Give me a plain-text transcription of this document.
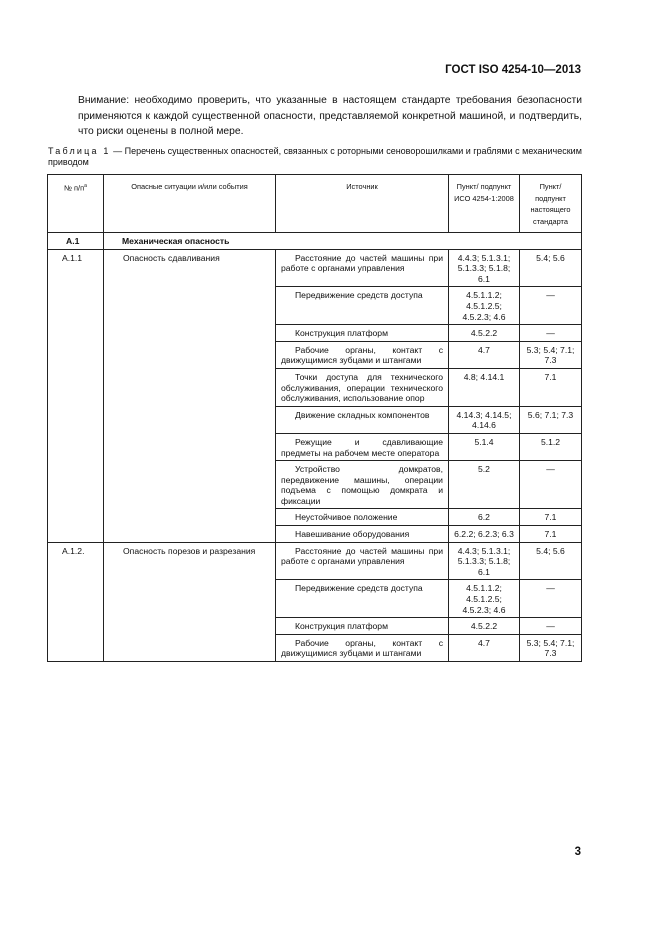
ГОСТ ISO 4254-10—2013
Внимание: необходимо проверить, что указанные в настоящем стандарте требования безопасности применяются к каждой существенной опасности, представляемой конкретной машиной, и подтвердить, что риски оценены в полной мере.
Таблица 1 — Перечень существенных опасностей, связанных с роторными сеноворошилками и граблями с механическим приводом
№ $п/п^а$	Опасные ситуации и/или события	Источник	Пункт/ подпункт ИСО 4254-1:2008	Пункт/ подпункт настоящего стандарта
А.1	Механическая опасность			
А.1.1	Опасность сдавливания	Расстояние до частей машины при работе с органами управления	4.4.3; 5.1.3.1; 5.1.3.3; 5.1.8; 6.1	5.4; 5.6
		Передвижение средств доступа	4.5.1.1.2; 4.5.1.2.5; 4.5.2.3; 4.6	—
		Конструкция платформ	4.5.2.2	—
		Рабочие органы, контакт с движущимися зубцами и штангами	4.7	5.3; 5.4; 7.1; 7.3
		Точки доступа для технического обслуживания, операции технического обслуживания, использование опор	4.8; 4.14.1	7.1
		Движение складных компонентов	4.14.3; 4.14.5; 4.14.6	5.6; 7.1; 7.3
		Режущие и сдавливающие предметы на рабочем месте оператора	5.1.4	5.1.2
		Устройство домкратов, передвижение машины, операции подъема с помощью домкрата и фиксации	5.2	—
		Неустойчивое положение	6.2	7.1
		Навешивание оборудования	6.2.2; 6.2.3; 6.3	7.1
А.1.2.	Опасность порезов и разрезания	Расстояние до частей машины при работе с органами управления	4.4.3; 5.1.3.1; 5.1.3.3; 5.1.8; 6.1	5.4; 5.6
		Передвижение средств доступа	4.5.1.1.2; 4.5.1.2.5; 4.5.2.3; 4.6	—
		Конструкция платформ	4.5.2.2	—
		Рабочие органы, контакт с движущимися зубцами и штангами	4.7	5.3; 5.4; 7.1; 7.3
3
